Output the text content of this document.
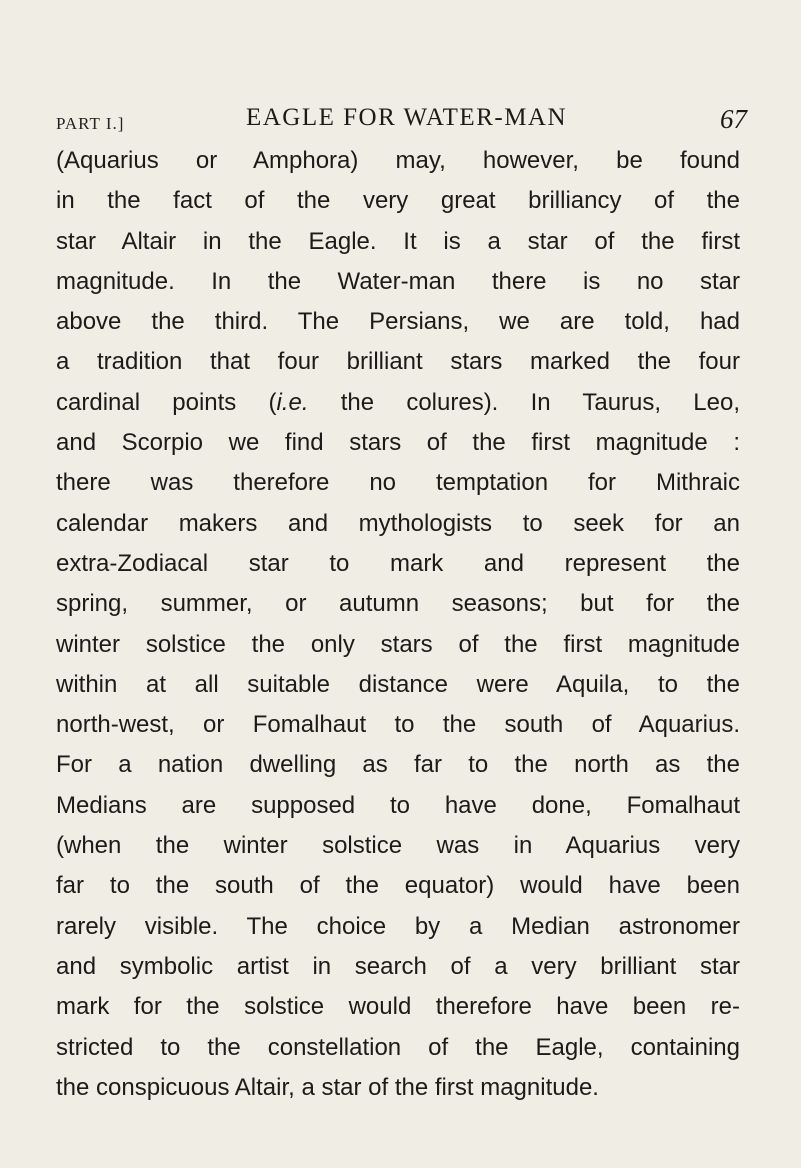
PART I.]	EAGLE FOR WATER-MAN	67
(Aquarius or Amphora) may, however, be found
in the fact of the very great brilliancy of the
star Altair in the Eagle. It is a star of the first
magnitude. In the Water-man there is no star
above the third. The Persians, we are told, had
a tradition that four brilliant stars marked the four
cardinal points (i.e. the colures). In Taurus, Leo,
and Scorpio we find stars of the first magnitude :
there was therefore no temptation for Mithraic
calendar makers and mythologists to seek for an
extra-Zodiacal star to mark and represent the
spring, summer, or autumn seasons; but for the
winter solstice the only stars of the first magnitude
within at all suitable distance were Aquila, to the
north-west, or Fomalhaut to the south of Aquarius.
For a nation dwelling as far to the north as the
Medians are supposed to have done, Fomalhaut
(when the winter solstice was in Aquarius very
far to the south of the equator) would have been
rarely visible. The choice by a Median astronomer
and symbolic artist in search of a very brilliant star
mark for the solstice would therefore have been re-
stricted to the constellation of the Eagle, containing
the conspicuous Altair, a star of the first magnitude.
